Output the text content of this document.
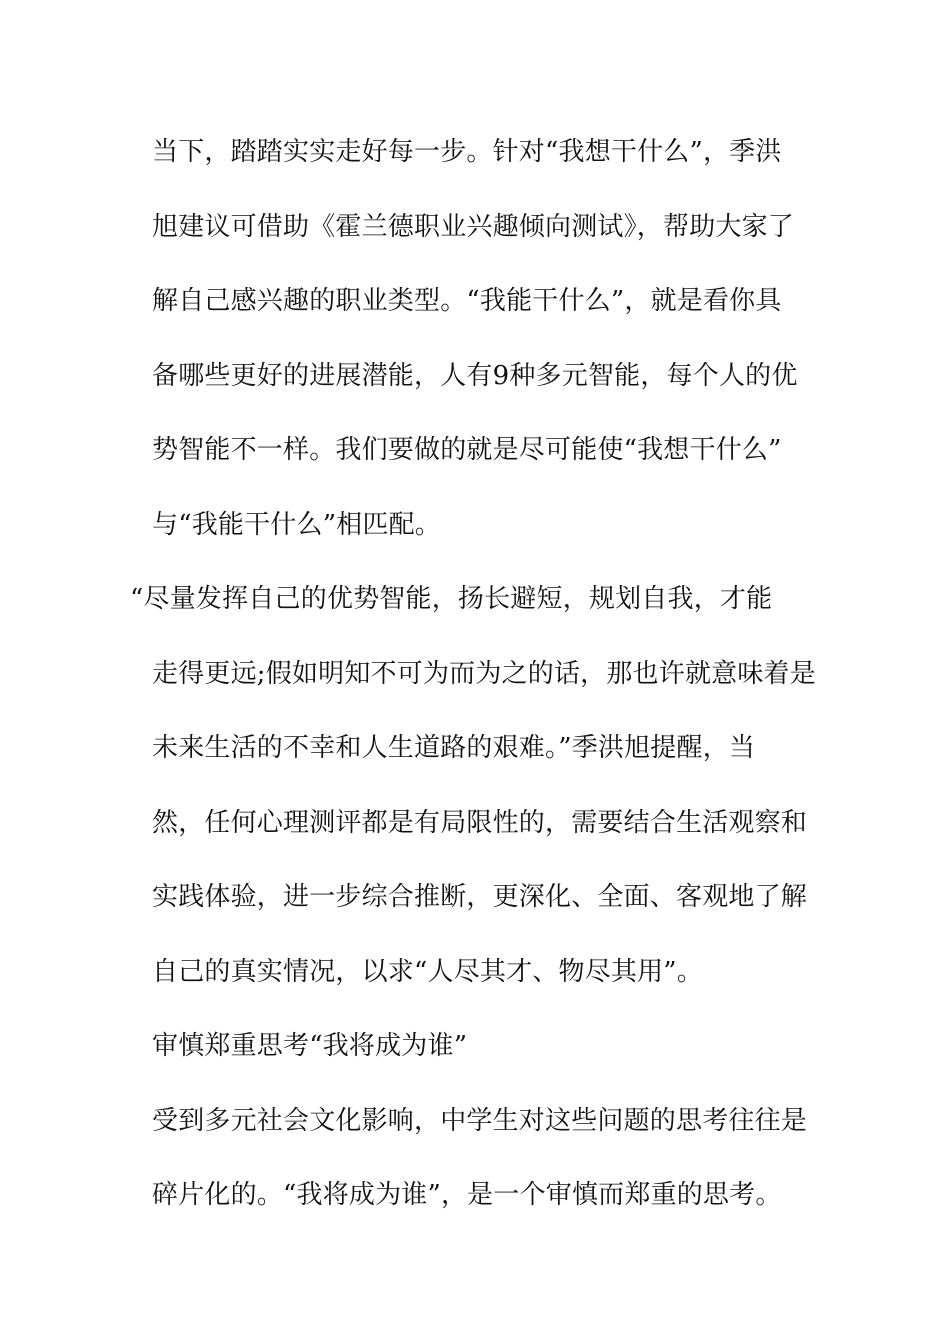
当下，踏踏实实走好每一步。针对“我想干什么”，季洪
旭建议可借助《霍兰德职业兴趣倾向测试》，帮助大家了
解自己感兴趣的职业类型。“我能干什么”，就是看你具
备哪些更好的进展潜能，人有9种多元智能，每个人的优
势智能不一样。我们要做的就是尽可能使“我想干什么”
与“我能干什么”相匹配。
“尽量发挥自己的优势智能，扬长避短，规划自我，才能
走得更远;假如明知不可为而为之的话，那也许就意味着是
未来生活的不幸和人生道路的艰难。”季洪旭提醒，当
然，任何心理测评都是有局限性的，需要结合生活观察和
实践体验，进一步综合推断，更深化、全面、客观地了解
自己的真实情况，以求“人尽其才、物尽其用”。
审慎郑重思考“我将成为谁”
受到多元社会文化影响，中学生对这些问题的思考往往是
碎片化的。“我将成为谁”，是一个审慎而郑重的思考。
